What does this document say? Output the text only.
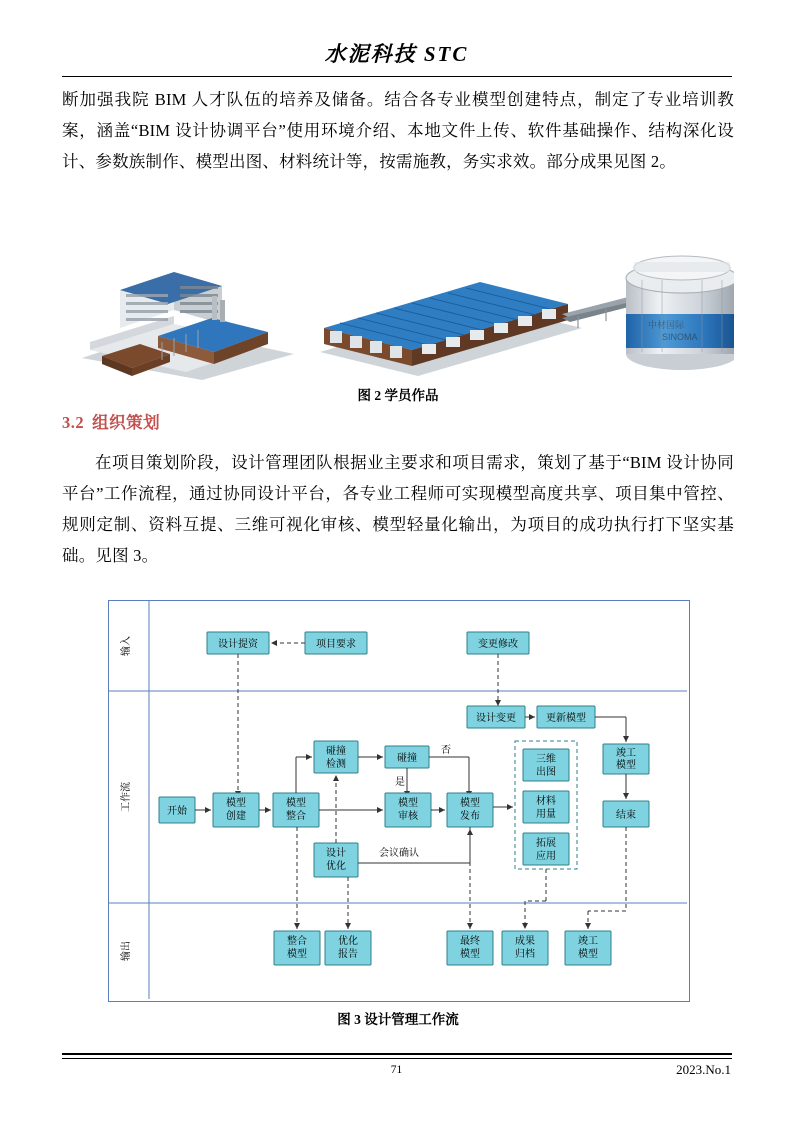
水泥科技 STC
断加强我院 BIM 人才队伍的培养及储备。结合各专业模型创建特点，制定了专业培训教案，涵盖“BIM 设计协调平台”使用环境介绍、本地文件上传、软件基础操作、结构深化设计、参数族制作、模型出图、材料统计等，按需施教，务实求效。部分成果见图 2。
中材国际
SINOMA
图 2 学员作品
3.2 组织策划
在项目策划阶段，设计管理团队根据业主要求和项目需求，策划了基于“BIM 设计协同平台”工作流程，通过协同设计平台，各专业工程师可实现模型高度共享、项目集中管控、规则定制、资料互提、三维可视化审核、模型轻量化输出，为项目的成功执行打下坚实基础。见图 3。
输入
工作流
输出
设计提资	项目要求	变更修改
设计变更	更新模型
竣工
模型
结束
碰撞
检测
碰撞
否
是
开始
模型
创建
模型
整合
模型
审核
模型
发布
设计
优化
会议确认
三维
出图
材料
用量
拓展
应用
整合
模型
优化
报告
最终
模型
成果
归档
竣工
模型
图 3 设计管理工作流
71	2023.No.1
